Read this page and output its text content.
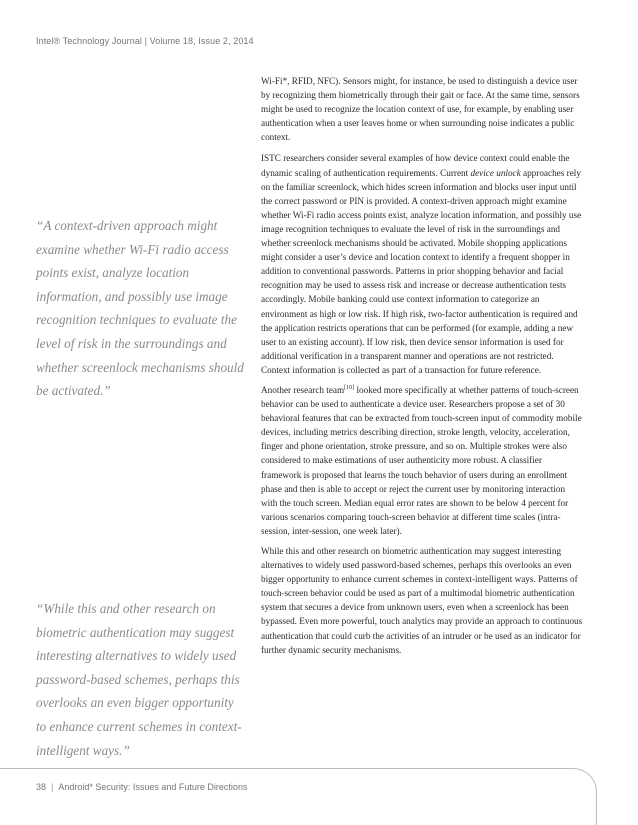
Intel® Technology Journal | Volume 18, Issue 2, 2014
“A context-driven approach might examine whether Wi-Fi radio access points exist, analyze location information, and possibly use image recognition techniques to evaluate the level of risk in the surroundings and whether screenlock mechanisms should be activated.”
“While this and other research on biometric authentication may suggest interesting alternatives to widely used password-based schemes, perhaps this overlooks an even bigger opportunity to enhance current schemes in context-intelligent ways.”

Wi-Fi*, RFID, NFC). Sensors might, for instance, be used to distinguish a device user by recognizing them biometrically through their gait or face. At the same time, sensors might be used to recognize the location context of use, for example, by enabling user authentication when a user leaves home or when surrounding noise indicates a public context.

ISTC researchers consider several examples of how device context could enable the dynamic scaling of authentication requirements. Current device unlock approaches rely on the familiar screenlock, which hides screen information and blocks user input until the correct password or PIN is provided. A context-driven approach might examine whether Wi-Fi radio access points exist, analyze location information, and possibly use image recognition techniques to evaluate the level of risk in the surroundings and whether screenlock mechanisms should be activated. Mobile shopping applications might consider a user’s device and location context to identify a frequent shopper in addition to conventional passwords. Patterns in prior shopping behavior and facial recognition may be used to assess risk and increase or decrease authentication tests accordingly. Mobile banking could use context information to categorize an environment as high or low risk. If high risk, two-factor authentication is required and the application restricts operations that can be performed (for example, adding a new user to an existing account). If low risk, then device sensor information is used for additional verification in a transparent manner and operations are not restricted. Context information is collected as part of a transaction for future reference.

Another research team[10] looked more specifically at whether patterns of touch-screen behavior can be used to authenticate a device user. Researchers propose a set of 30 behavioral features that can be extracted from touch-screen input of commodity mobile devices, including metrics describing direction, stroke length, velocity, acceleration, finger and phone orientation, stroke pressure, and so on. Multiple strokes were also considered to make estimations of user authenticity more robust. A classifier framework is proposed that learns the touch behavior of users during an enrollment phase and then is able to accept or reject the current user by monitoring interaction with the touch screen. Median equal error rates are shown to be below 4 percent for various scenarios comparing touch-screen behavior at different time scales (intra-session, inter-session, one week later).

While this and other research on biometric authentication may suggest interesting alternatives to widely used password-based schemes, perhaps this overlooks an even bigger opportunity to enhance current schemes in context-intelligent ways. Patterns of touch-screen behavior could be used as part of a multimodal biometric authentication system that secures a device from unknown users, even when a screenlock has been bypassed. Even more powerful, touch analytics may provide an approach to continuous authentication that could curb the activities of an intruder or be used as an indicator for further dynamic security mechanisms.

38 | Android* Security: Issues and Future Directions
